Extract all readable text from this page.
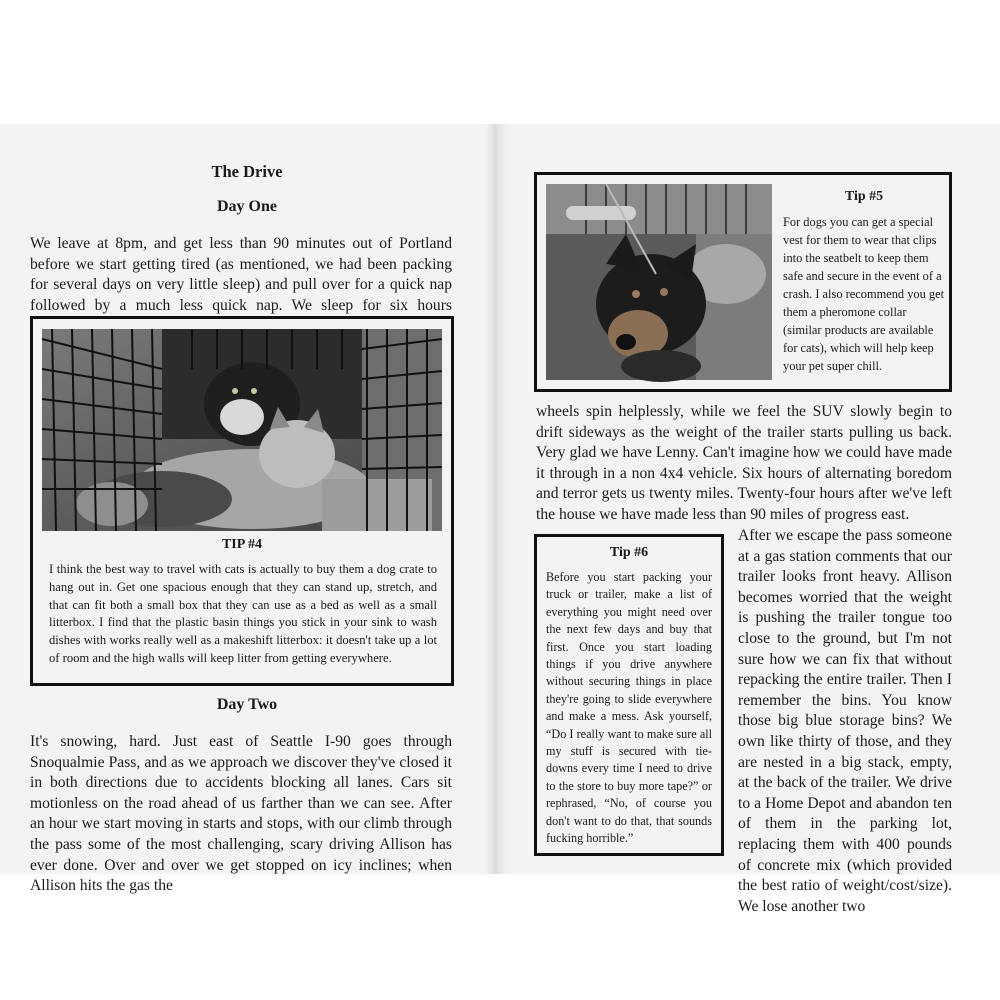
The Drive
Day One

We leave at 8pm, and get less than 90 minutes out of Portland before we start getting tired (as mentioned, we had been packing for several days on very little sleep) and pull over for a quick nap followed by a much less quick nap. We sleep for six hours

TIP #4

I think the best way to travel with cats is actually to buy them a dog crate to hang out in. Get one spacious enough that they can stand up, stretch, and that can fit both a small box that they can use as a bed as well as a small litterbox. I find that the plastic basin things you stick in your sink to wash dishes with works really well as a makeshift litterbox: it doesn't take up a lot of room and the high walls will keep litter from getting everywhere.

Day Two

It's snowing, hard. Just east of Seattle I-90 goes through Snoqualmie Pass, and as we approach we discover they've closed it in both directions due to accidents blocking all lanes. Cars sit motionless on the road ahead of us farther than we can see. After an hour we start moving in starts and stops, with our climb through the pass some of the most challenging, scary driving Allison has ever done. Over and over we get stopped on icy inclines; when Allison hits the gas the

Tip #5

For dogs you can get a special vest for them to wear that clips into the seatbelt to keep them safe and secure in the event of a crash. I also recommend you get them a pheromone collar (similar products are available for cats), which will help keep your pet super chill.

wheels spin helplessly, while we feel the SUV slowly begin to drift sideways as the weight of the trailer starts pulling us back. Very glad we have Lenny. Can't imagine how we could have made it through in a non 4x4 vehicle. Six hours of alternating boredom and terror gets us twenty miles. Twenty-four hours after we've left the house we have made less than 90 miles of progress east.

Tip #6

Before you start packing your truck or trailer, make a list of everything you might need over the next few days and buy that first. Once you start loading things if you drive anywhere without securing things in place they're going to slide everywhere and make a mess. Ask yourself, “Do I really want to make sure all my stuff is secured with tie-downs every time I need to drive to the store to buy more tape?” or rephrased, “No, of course you don't want to do that, that sounds fucking horrible.”

After we escape the pass someone at a gas station comments that our trailer looks front heavy. Allison becomes worried that the weight is pushing the trailer tongue too close to the ground, but I'm not sure how we can fix that without repacking the entire trailer. Then I remember the bins. You know those big blue storage bins? We own like thirty of those, and they are nested in a big stack, empty, at the back of the trailer. We drive to a Home Depot and abandon ten of them in the parking lot, replacing them with 400 pounds of concrete mix (which provided the best ratio of weight/cost/size). We lose another two
